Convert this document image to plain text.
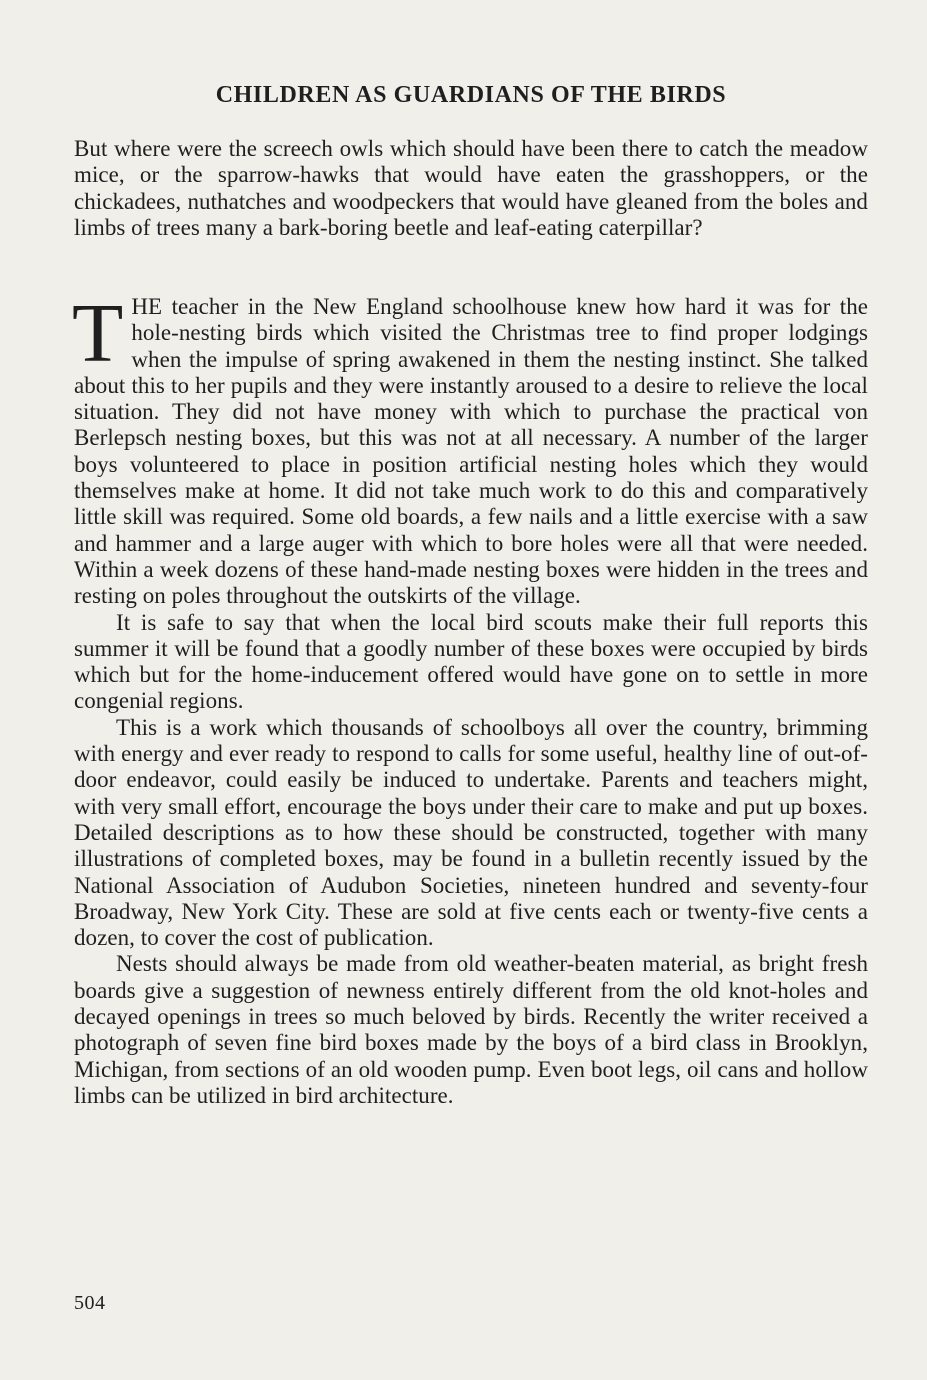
CHILDREN AS GUARDIANS OF THE BIRDS

But where were the screech owls which should have been there to catch the meadow mice, or the sparrow-hawks that would have eaten the grasshoppers, or the chickadees, nuthatches and woodpeckers that would have gleaned from the boles and limbs of trees many a bark-boring beetle and leaf-eating caterpillar?

THE teacher in the New England schoolhouse knew how hard it was for the hole-nesting birds which visited the Christmas tree to find proper lodgings when the impulse of spring awakened in them the nesting instinct. She talked about this to her pupils and they were instantly aroused to a desire to relieve the local situation. They did not have money with which to purchase the practical von Berlepsch nesting boxes, but this was not at all necessary. A number of the larger boys volunteered to place in position artificial nesting holes which they would themselves make at home. It did not take much work to do this and comparatively little skill was required. Some old boards, a few nails and a little exercise with a saw and hammer and a large auger with which to bore holes were all that were needed. Within a week dozens of these hand-made nesting boxes were hidden in the trees and resting on poles throughout the outskirts of the village.

It is safe to say that when the local bird scouts make their full reports this summer it will be found that a goodly number of these boxes were occupied by birds which but for the home-inducement offered would have gone on to settle in more congenial regions.

This is a work which thousands of schoolboys all over the country, brimming with energy and ever ready to respond to calls for some useful, healthy line of out-of-door endeavor, could easily be induced to undertake. Parents and teachers might, with very small effort, encourage the boys under their care to make and put up boxes. Detailed descriptions as to how these should be constructed, together with many illustrations of completed boxes, may be found in a bulletin recently issued by the National Association of Audubon Societies, nineteen hundred and seventy-four Broadway, New York City. These are sold at five cents each or twenty-five cents a dozen, to cover the cost of publication.

Nests should always be made from old weather-beaten material, as bright fresh boards give a suggestion of newness entirely different from the old knot-holes and decayed openings in trees so much beloved by birds. Recently the writer received a photograph of seven fine bird boxes made by the boys of a bird class in Brooklyn, Michigan, from sections of an old wooden pump. Even boot legs, oil cans and hollow limbs can be utilized in bird architecture.

504
